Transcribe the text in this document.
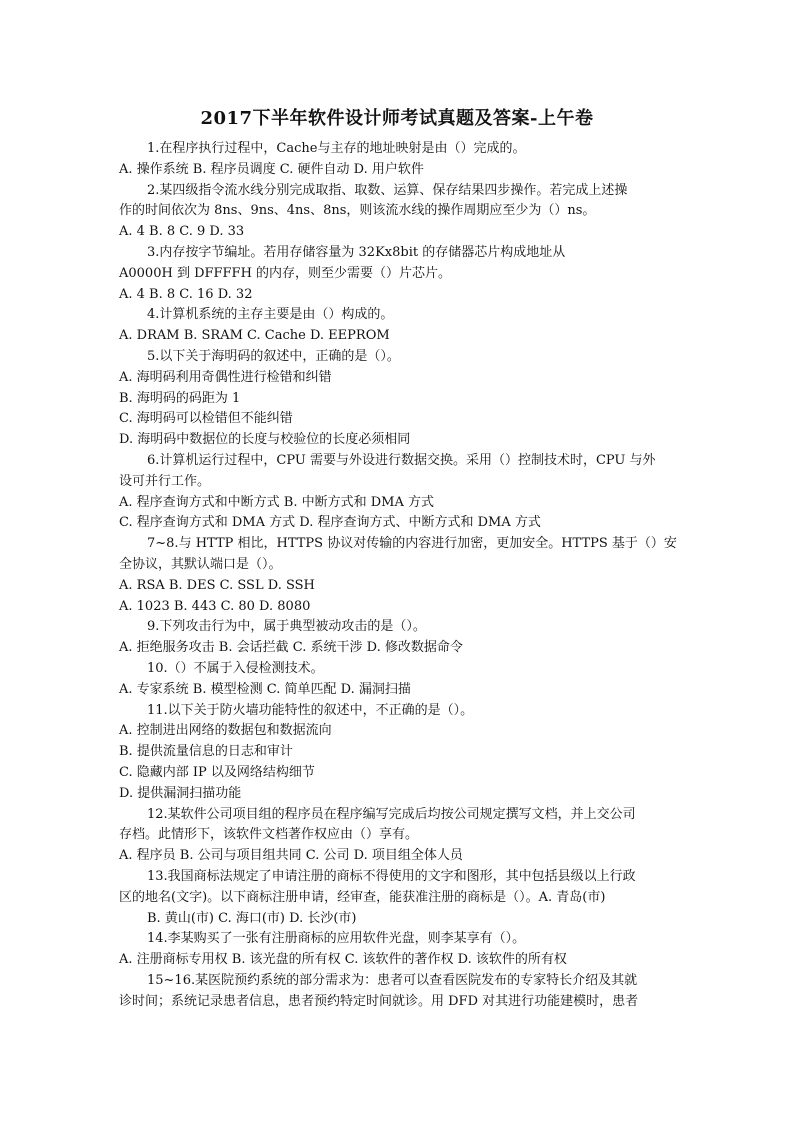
2017下半年软件设计师考试真题及答案-上午卷
1.在程序执行过程中，Cache与主存的地址映射是由（）完成的。
A. 操作系统 B. 程序员调度 C. 硬件自动 D. 用户软件
2.某四级指令流水线分别完成取指、取数、运算、保存结果四步操作。若完成上述操
作的时间依次为 8ns、9ns、4ns、8ns，则该流水线的操作周期应至少为（）ns。
A. 4 B. 8 C. 9 D. 33
3.内存按字节编址。若用存储容量为 32Kx8bit 的存储器芯片构成地址从
A0000H 到 DFFFFH 的内存，则至少需要（）片芯片。
A. 4 B. 8 C. 16 D. 32
4.计算机系统的主存主要是由（）构成的。
A. DRAM B. SRAM C. Cache D. EEPROM
5.以下关于海明码的叙述中，正确的是（）。
A. 海明码利用奇偶性进行检错和纠错
B. 海明码的码距为 1
C. 海明码可以检错但不能纠错
D. 海明码中数据位的长度与校验位的长度必须相同
6.计算机运行过程中，CPU 需要与外设进行数据交换。采用（）控制技术时，CPU 与外
设可并行工作。
A. 程序查询方式和中断方式 B. 中断方式和 DMA 方式
C. 程序查询方式和 DMA 方式 D. 程序查询方式、中断方式和 DMA 方式
7~8.与 HTTP 相比，HTTPS 协议对传输的内容进行加密，更加安全。HTTPS 基于（）安
全协议，其默认端口是（）。
A. RSA B. DES C. SSL D. SSH
A. 1023 B. 443 C. 80 D. 8080
9.下列攻击行为中，属于典型被动攻击的是（）。
A. 拒绝服务攻击 B. 会话拦截 C. 系统干涉 D. 修改数据命令
10.（）不属于入侵检测技术。
A. 专家系统 B. 模型检测 C. 简单匹配 D. 漏洞扫描
11.以下关于防火墙功能特性的叙述中，不正确的是（）。
A. 控制进出网络的数据包和数据流向
B. 提供流量信息的日志和审计
C. 隐藏内部 IP 以及网络结构细节
D. 提供漏洞扫描功能
12.某软件公司项目组的程序员在程序编写完成后均按公司规定撰写文档，并上交公司
存档。此情形下，该软件文档著作权应由（）享有。
A. 程序员 B. 公司与项目组共同 C. 公司 D. 项目组全体人员
13.我国商标法规定了申请注册的商标不得使用的文字和图形，其中包括县级以上行政
区的地名(文字)。以下商标注册申请，经审查，能获准注册的商标是（）。A. 青岛(市)
B. 黄山(市) C. 海口(市) D. 长沙(市)
14.李某购买了一张有注册商标的应用软件光盘，则李某享有（）。
A. 注册商标专用权 B. 该光盘的所有权 C. 该软件的著作权 D. 该软件的所有权
15~16.某医院预约系统的部分需求为：患者可以查看医院发布的专家特长介绍及其就
诊时间；系统记录患者信息，患者预约特定时间就诊。用 DFD 对其进行功能建模时，患者
